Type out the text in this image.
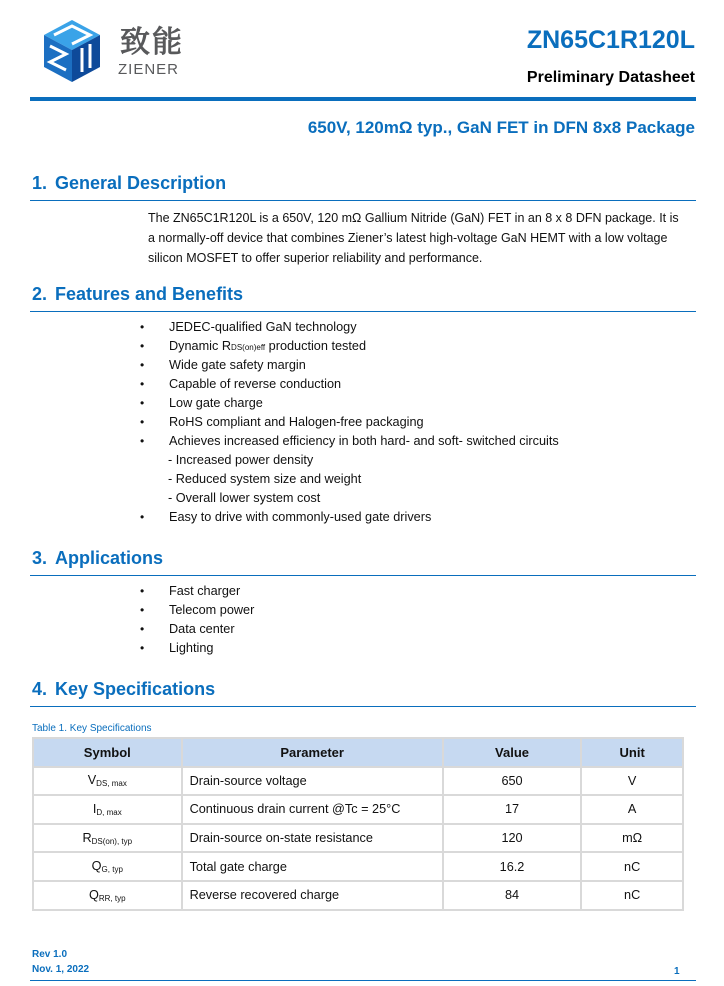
致能
ZIENER
ZN65C1R120L
Preliminary Datasheet
650V, 120mΩ typ., GaN FET in DFN 8x8 Package
1. General Description
The ZN65C1R120L is a 650V, 120 mΩ Gallium Nitride (GaN) FET in an 8 x 8 DFN package. It is a normally-off device that combines Ziener’s latest high-voltage GaN HEMT with a low voltage silicon MOSFET to offer superior reliability and performance.
2. Features and Benefits
• JEDEC-qualified GaN technology
• Dynamic RDS(on)eff production tested
• Wide gate safety margin
• Capable of reverse conduction
• Low gate charge
• RoHS compliant and Halogen-free packaging
• Achieves increased efficiency in both hard- and soft- switched circuits
- Increased power density
- Reduced system size and weight
- Overall lower system cost
• Easy to drive with commonly-used gate drivers
3. Applications
• Fast charger
• Telecom power
• Data center
• Lighting
4. Key Specifications
Table 1. Key Specifications
Symbol	Parameter	Value	Unit
VDS, max	Drain-source voltage	650	V
ID, max	Continuous drain current @Tc = 25°C	17	A
RDS(on), typ	Drain-source on-state resistance	120	mΩ
QG, typ	Total gate charge	16.2	nC
QRR, typ	Reverse recovered charge	84	nC
Rev 1.0
Nov. 1, 2022	1
